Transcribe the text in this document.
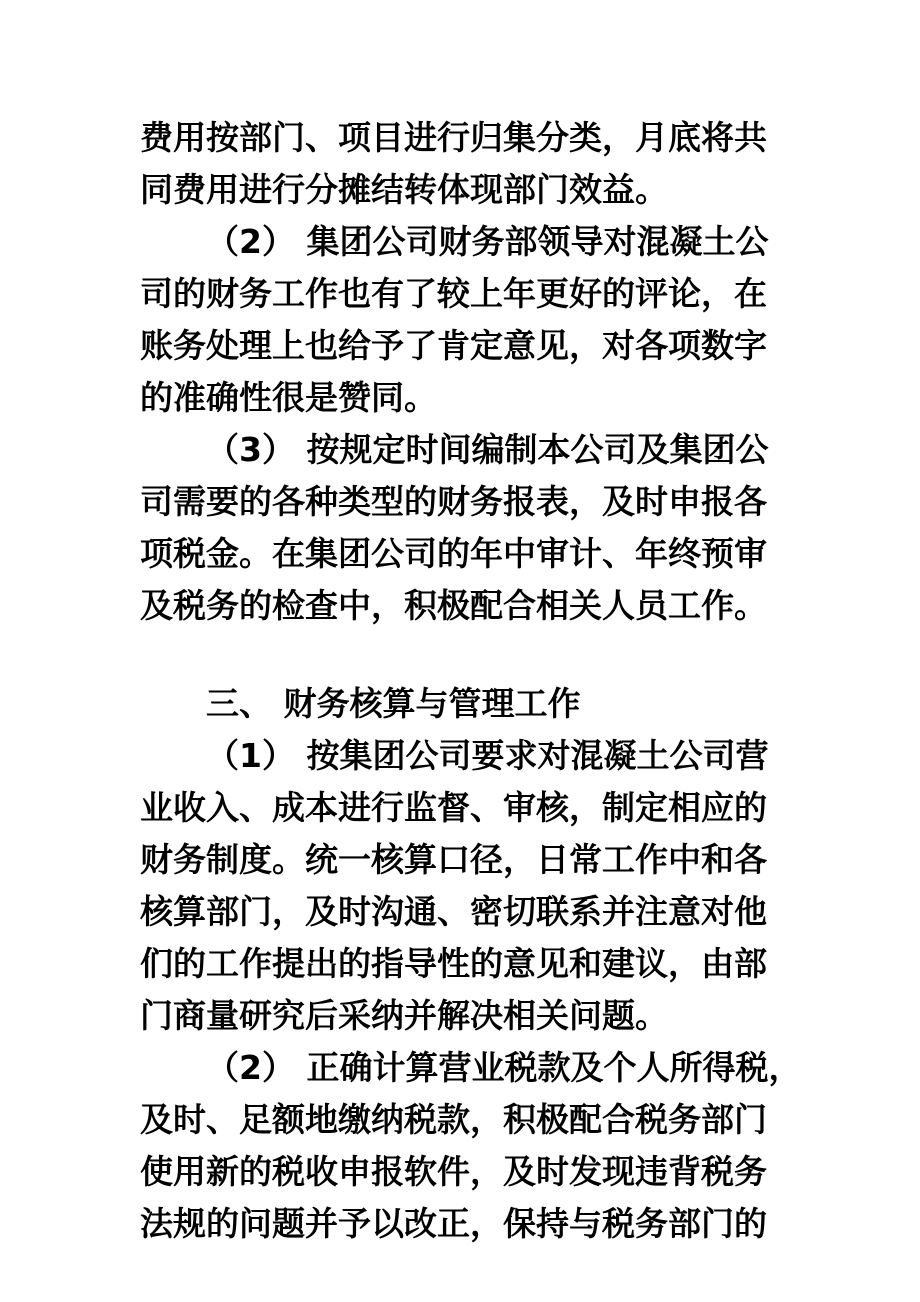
费用按部门、项目进行归集分类，月底将共
同费用进行分摊结转体现部门效益。
（2） 集团公司财务部领导对混凝土公
司的财务工作也有了较上年更好的评论，在
账务处理上也给予了肯定意见，对各项数字
的准确性很是赞同。
（3） 按规定时间编制本公司及集团公
司需要的各种类型的财务报表，及时申报各
项税金。在集团公司的年中审计、年终预审
及税务的检查中，积极配合相关人员工作。
三、 财务核算与管理工作
（1） 按集团公司要求对混凝土公司营
业收入、成本进行监督、审核，制定相应的
财务制度。统一核算口径，日常工作中和各
核算部门，及时沟通、密切联系并注意对他
们的工作提出的指导性的意见和建议，由部
门商量研究后采纳并解决相关问题。
（2） 正确计算营业税款及个人所得税，
及时、足额地缴纳税款，积极配合税务部门
使用新的税收申报软件，及时发现违背税务
法规的问题并予以改正，保持与税务部门的
